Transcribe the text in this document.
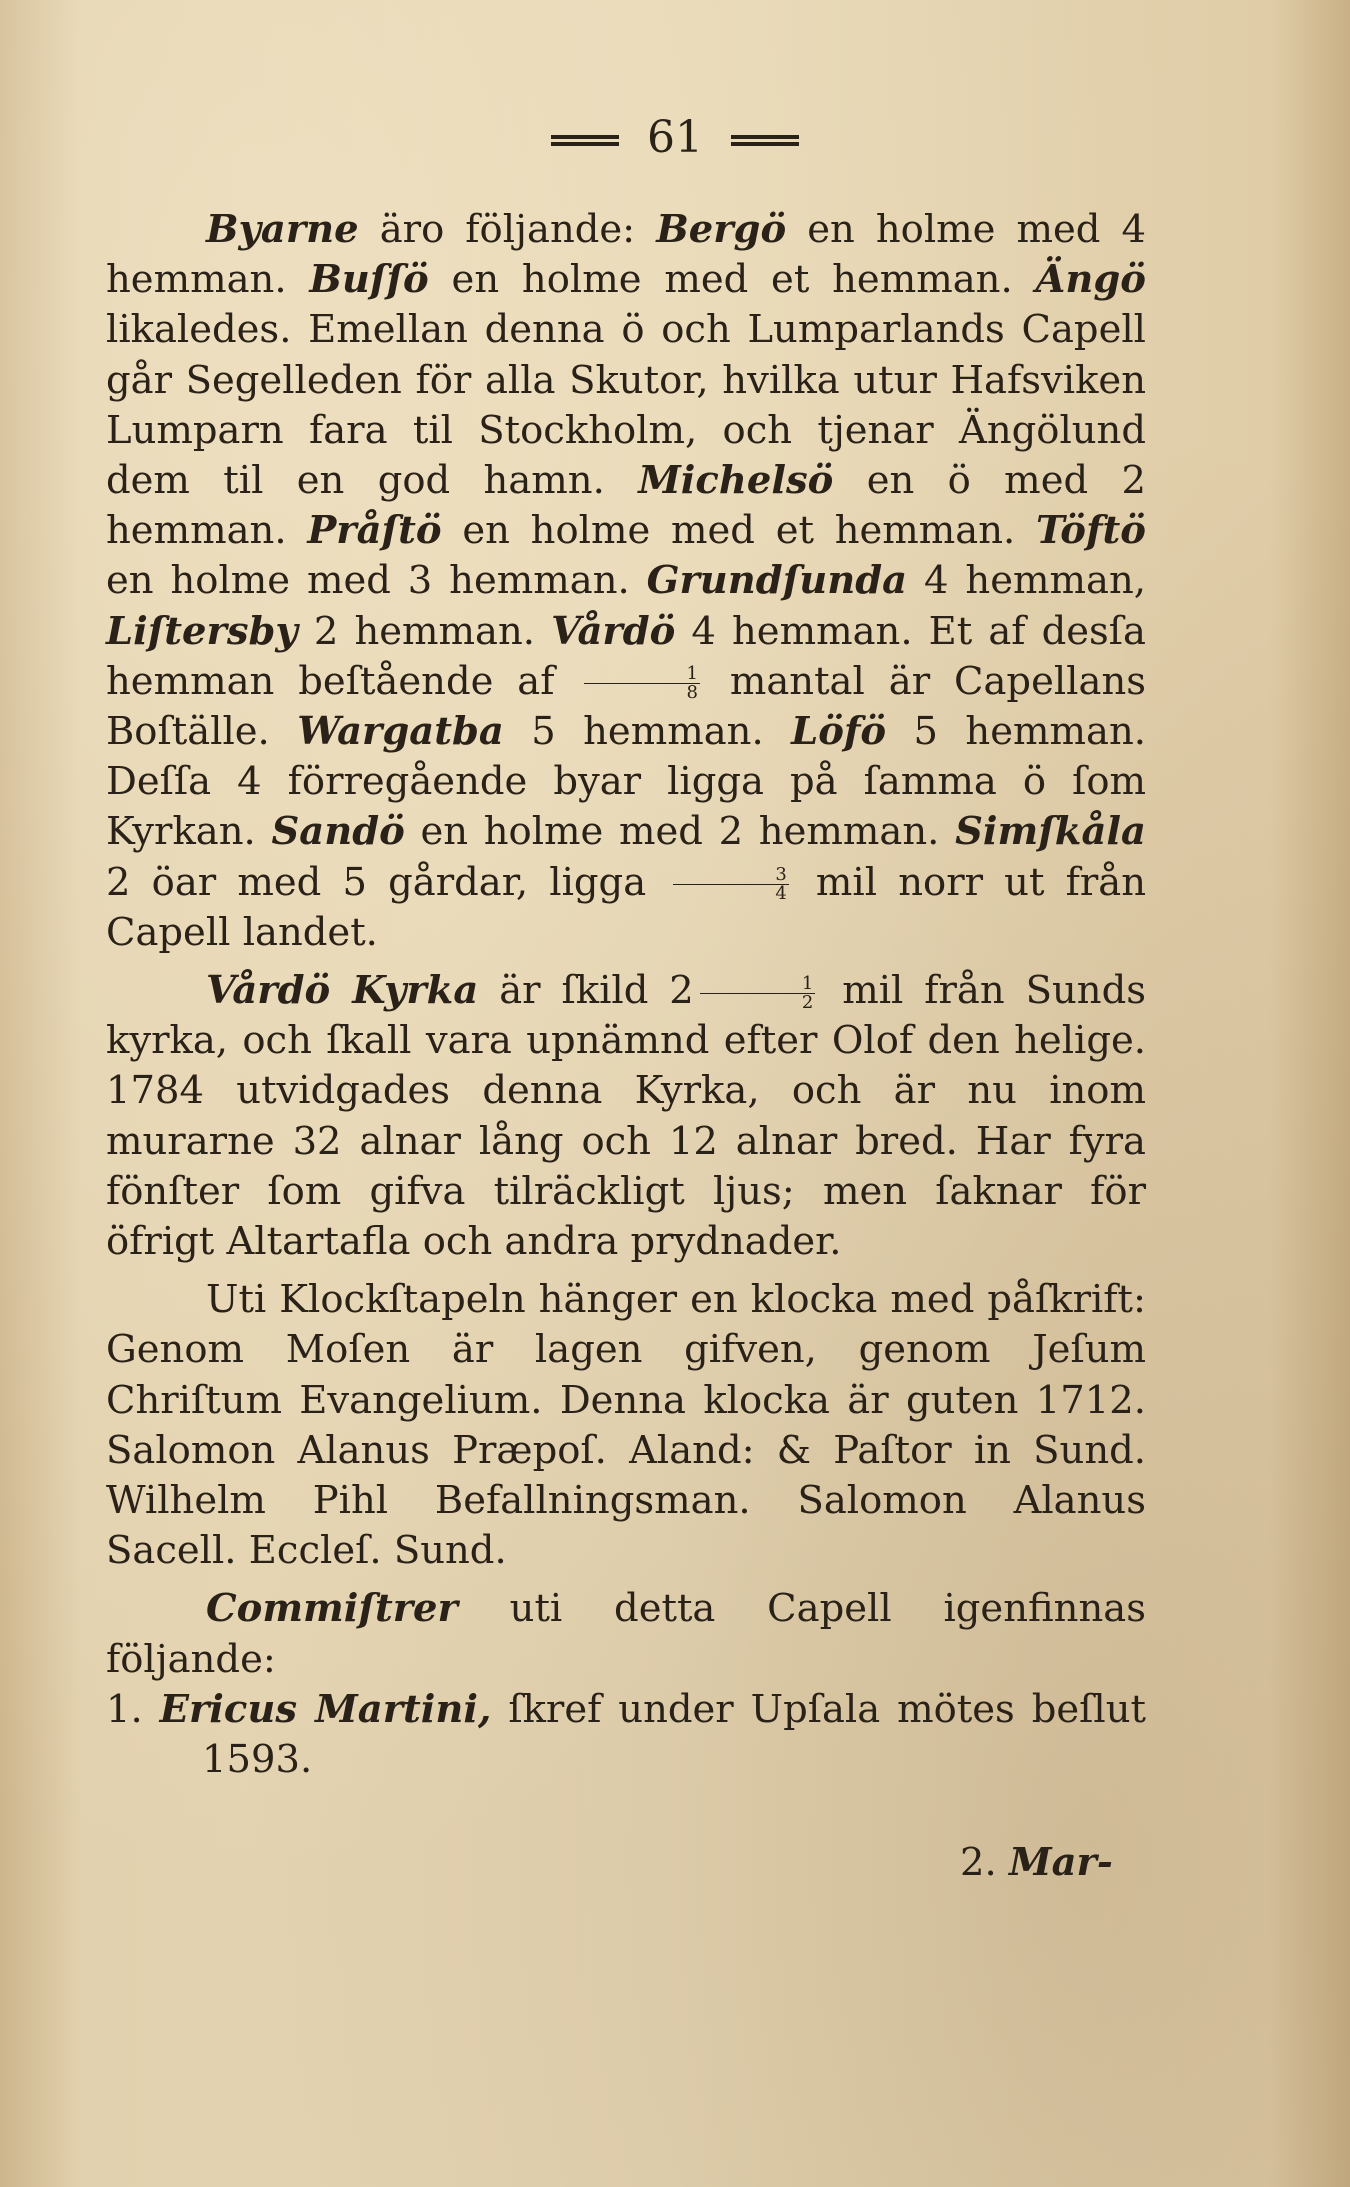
61

Byarne äro följande: Bergö en holme med 4 hemman. Buſſö en holme med et hemman. Ängö likaledes. Emellan denna ö och Lumparlands Capell går Segelleden för alla Skutor, hvilka utur Hafsviken Lumparn fara til Stockholm, och tjenar Ängölund dem til en god hamn. Michelsö en ö med 2 hemman. Pråſtö en holme med et hemman. Töftö en holme med 3 hemman. Grundſunda 4 hemman, Liſtersby 2 hemman. Vårdö 4 hemman. Et af desſa hemman beſtående af $\frac{1}{8}$ mantal är Capellans Boſtälle. Wargatba 5 hemman. Löfö 5 hemman. Deſſa 4 förregående byar ligga på ſamma ö ſom Kyrkan. Sandö en holme med 2 hemman. Simſkåla 2 öar med 5 gårdar, ligga $\frac{3}{4}$ mil norr ut från Capell landet.

Vårdö Kyrka är ſkild $2 \frac{1}{2}$ mil från Sunds kyrka, och ſkall vara upnämnd efter Olof den helige. 1784 utvidgades denna Kyrka, och är nu inom murarne 32 alnar lång och 12 alnar bred. Har fyra fönſter ſom gifva tilräckligt ljus; men ſaknar för öfrigt Altartafla och andra prydnader.

Uti Klockſtapeln hänger en klocka med påſkrift: Genom Moſen är lagen gifven, genom Jeſum Chriſtum Evangelium. Denna klocka är guten 1712. Salomon Alanus Præpoſ. Aland: & Paſtor in Sund. Wilhelm Pihl Befallningsman. Salomon Alanus Sacell. Eccleſ. Sund.

Commiſtrer uti detta Capell igenfinnas följande:

1. Ericus Martini, ſkref under Upſala mötes beſlut 1593.

2. Mar-
